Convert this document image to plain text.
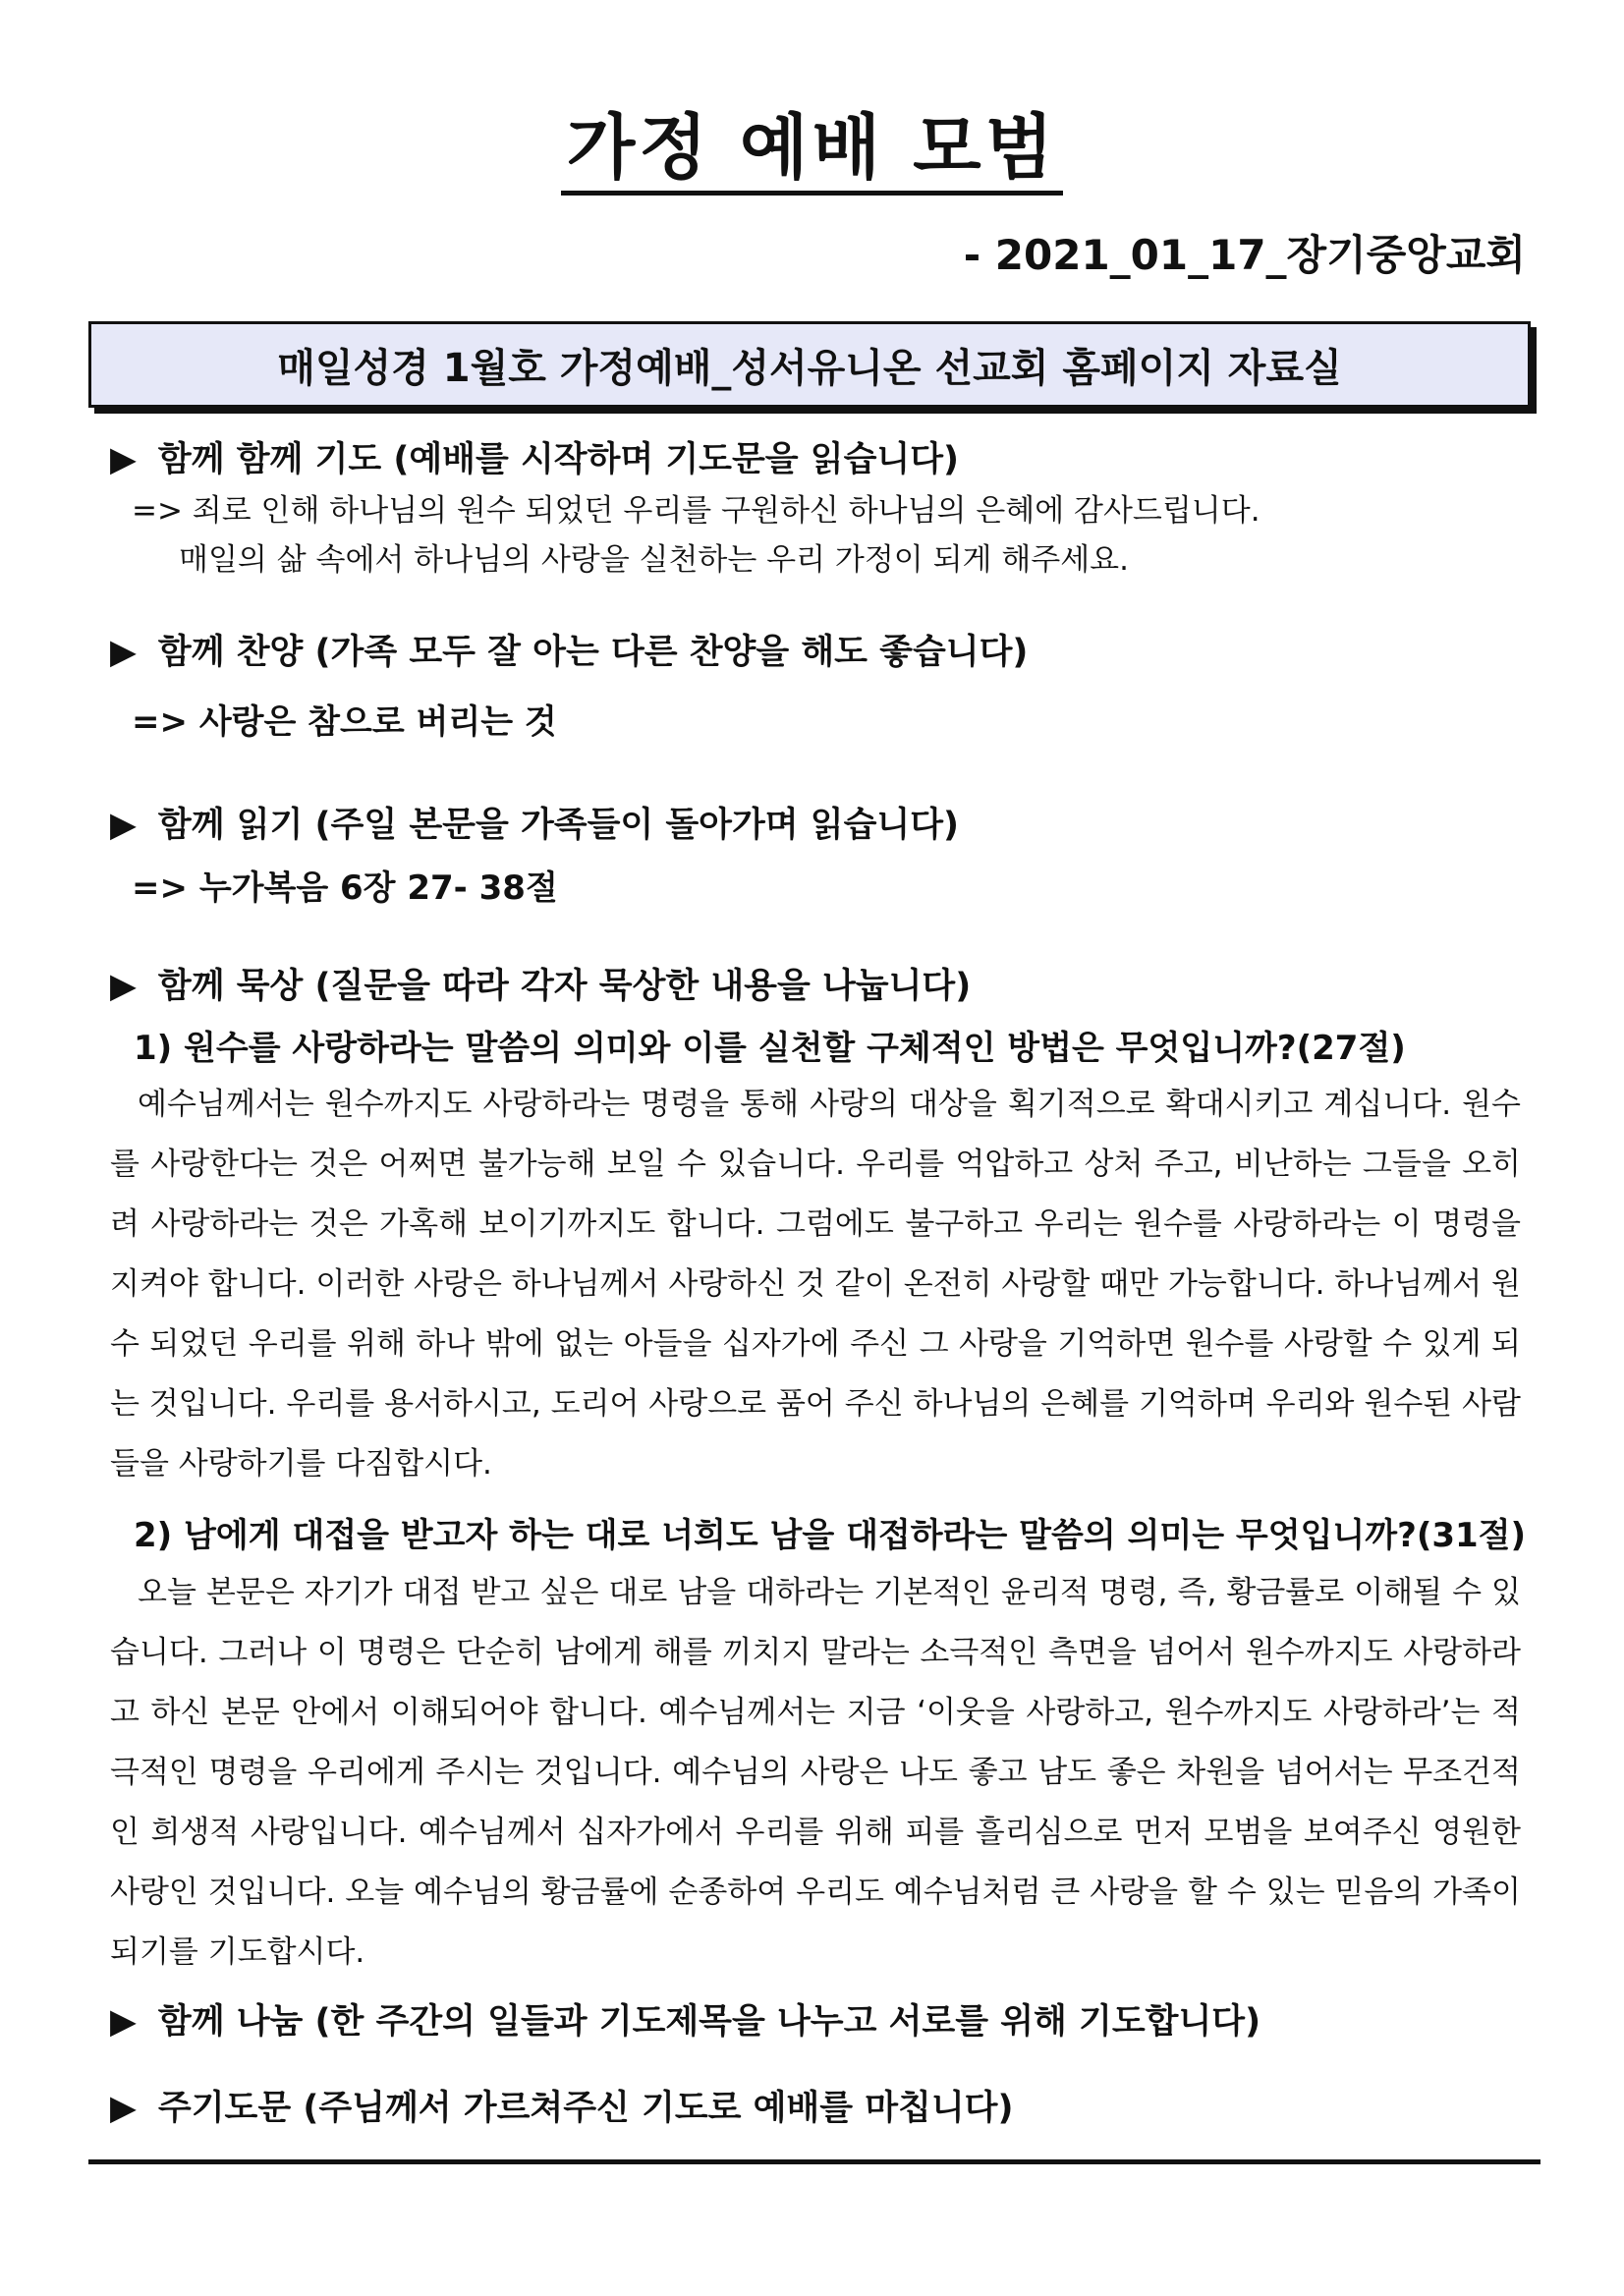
가정 예배 모범
- 2021_01_17_장기중앙교회
매일성경 1월호 가정예배_성서유니온 선교회 홈페이지 자료실
▶ 함께 함께 기도 (예배를 시작하며 기도문을 읽습니다)
=> 죄로 인해 하나님의 원수 되었던 우리를 구원하신 하나님의 은혜에 감사드립니다.
매일의 삶 속에서 하나님의 사랑을 실천하는 우리 가정이 되게 해주세요.
▶ 함께 찬양 (가족 모두 잘 아는 다른 찬양을 해도 좋습니다)
=> 사랑은 참으로 버리는 것
▶ 함께 읽기 (주일 본문을 가족들이 돌아가며 읽습니다)
=> 누가복음 6장 27- 38절
▶ 함께 묵상 (질문을 따라 각자 묵상한 내용을 나눕니다)
1) 원수를 사랑하라는 말씀의 의미와 이를 실천할 구체적인 방법은 무엇입니까?(27절)
예수님께서는 원수까지도 사랑하라는 명령을 통해 사랑의 대상을 획기적으로 확대시키고 계십니다. 원수를 사랑한다는 것은 어쩌면 불가능해 보일 수 있습니다. 우리를 억압하고 상처 주고, 비난하는 그들을 오히려 사랑하라는 것은 가혹해 보이기까지도 합니다. 그럼에도 불구하고 우리는 원수를 사랑하라는 이 명령을 지켜야 합니다. 이러한 사랑은 하나님께서 사랑하신 것 같이 온전히 사랑할 때만 가능합니다. 하나님께서 원수 되었던 우리를 위해 하나 밖에 없는 아들을 십자가에 주신 그 사랑을 기억하면 원수를 사랑할 수 있게 되는 것입니다. 우리를 용서하시고, 도리어 사랑으로 품어 주신 하나님의 은혜를 기억하며 우리와 원수된 사람들을 사랑하기를 다짐합시다.
2) 남에게 대접을 받고자 하는 대로 너희도 남을 대접하라는 말씀의 의미는 무엇입니까?(31절)
오늘 본문은 자기가 대접 받고 싶은 대로 남을 대하라는 기본적인 윤리적 명령, 즉, 황금률로 이해될 수 있습니다. 그러나 이 명령은 단순히 남에게 해를 끼치지 말라는 소극적인 측면을 넘어서 원수까지도 사랑하라고 하신 본문 안에서 이해되어야 합니다. 예수님께서는 지금 ‘이웃을 사랑하고, 원수까지도 사랑하라’는 적극적인 명령을 우리에게 주시는 것입니다. 예수님의 사랑은 나도 좋고 남도 좋은 차원을 넘어서는 무조건적인 희생적 사랑입니다. 예수님께서 십자가에서 우리를 위해 피를 흘리심으로 먼저 모범을 보여주신 영원한 사랑인 것입니다. 오늘 예수님의 황금률에 순종하여 우리도 예수님처럼 큰 사랑을 할 수 있는 믿음의 가족이 되기를 기도합시다.
▶ 함께 나눔 (한 주간의 일들과 기도제목을 나누고 서로를 위해 기도합니다)
▶ 주기도문 (주님께서 가르쳐주신 기도로 예배를 마칩니다)
